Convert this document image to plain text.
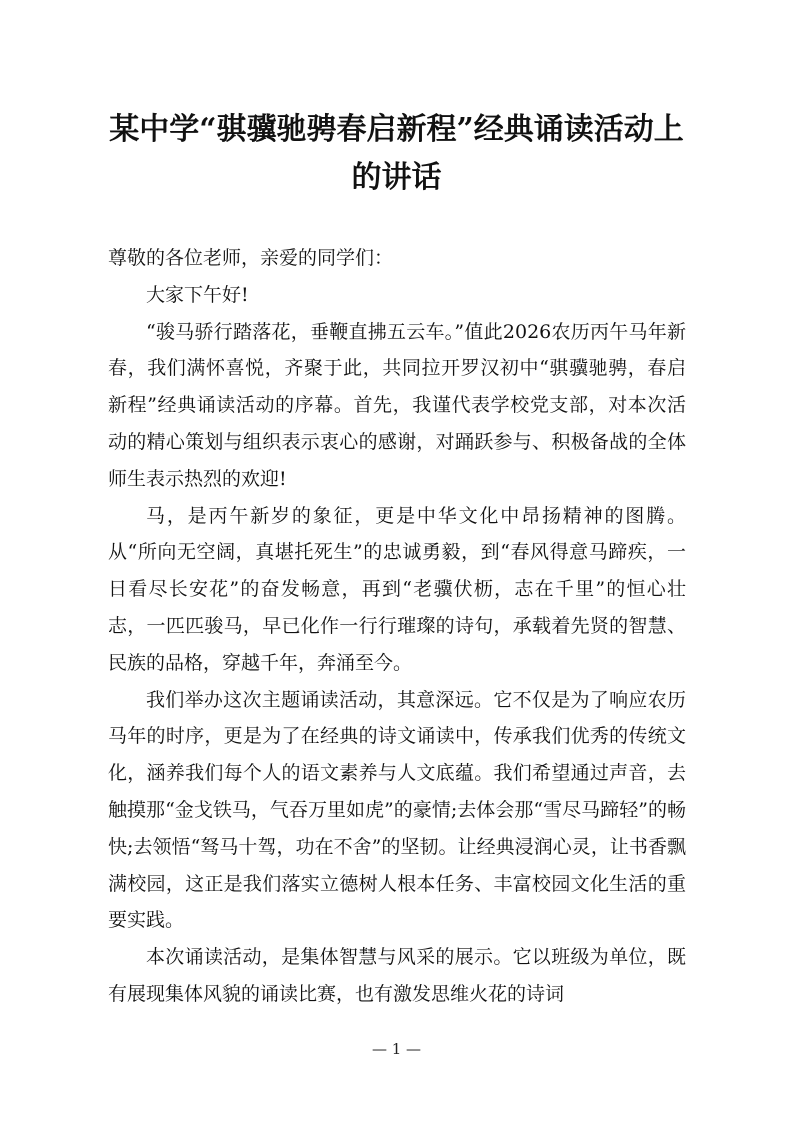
某中学“骐骥驰骋春启新程”经典诵读活动上的讲话

尊敬的各位老师，亲爱的同学们：

大家下午好!

“骏马骄行踏落花，垂鞭直拂五云车。”值此2026农历丙午马年新春，我们满怀喜悦，齐聚于此，共同拉开罗汉初中“骐骥驰骋，春启新程”经典诵读活动的序幕。首先，我谨代表学校党支部，对本次活动的精心策划与组织表示衷心的感谢，对踊跃参与、积极备战的全体师生表示热烈的欢迎!

马，是丙午新岁的象征，更是中华文化中昂扬精神的图腾。从“所向无空阔，真堪托死生”的忠诚勇毅，到“春风得意马蹄疾，一日看尽长安花”的奋发畅意，再到“老骥伏枥，志在千里”的恒心壮志，一匹匹骏马，早已化作一行行璀璨的诗句，承载着先贤的智慧、民族的品格，穿越千年，奔涌至今。

我们举办这次主题诵读活动，其意深远。它不仅是为了响应农历马年的时序，更是为了在经典的诗文诵读中，传承我们优秀的传统文化，涵养我们每个人的语文素养与人文底蕴。我们希望通过声音，去触摸那“金戈铁马，气吞万里如虎”的豪情;去体会那“雪尽马蹄轻”的畅快;去领悟“驽马十驾，功在不舍”的坚韧。让经典浸润心灵，让书香飘满校园，这正是我们落实立德树人根本任务、丰富校园文化生活的重要实践。

本次诵读活动，是集体智慧与风采的展示。它以班级为单位，既有展现集体风貌的诵读比赛，也有激发思维火花的诗词

— 1 —
